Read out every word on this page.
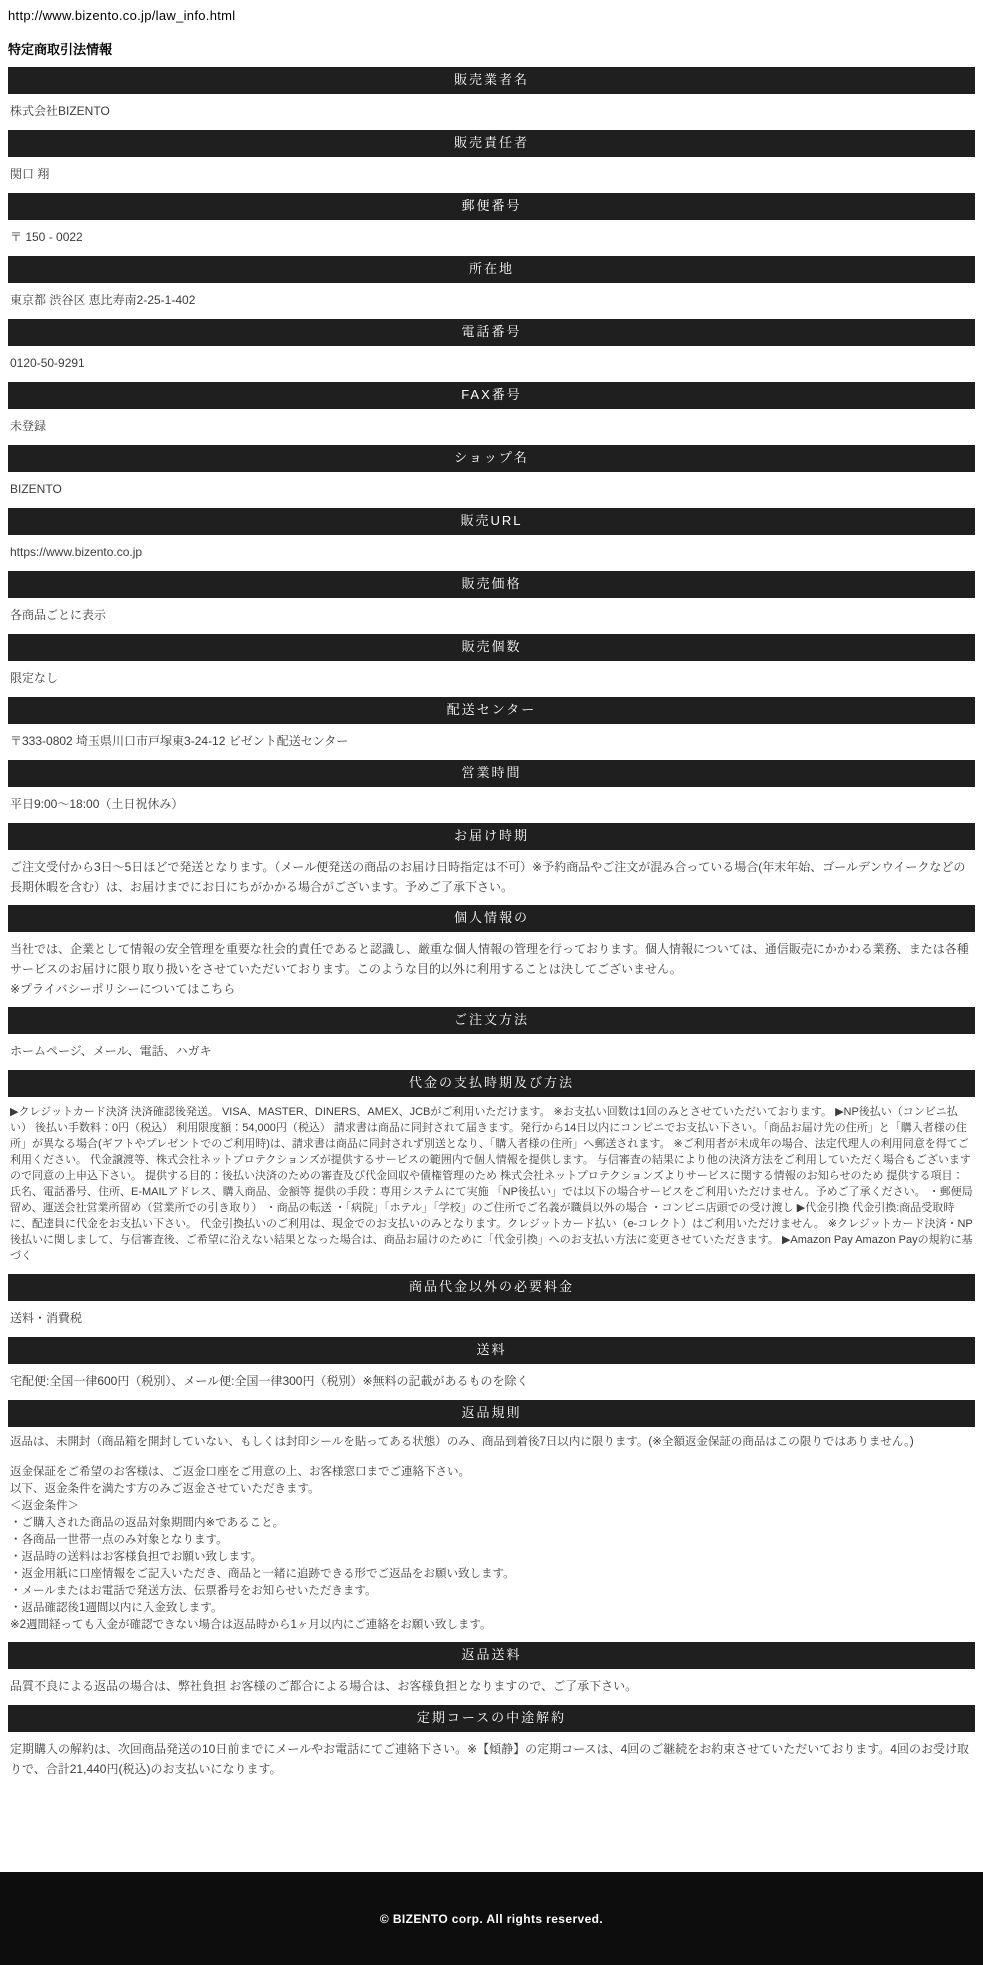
http://www.bizento.co.jp/law_info.html

特定商取引法情報
販売業者名

株式会社BIZENTO

販売責任者

関口 翔

郵便番号

〒 150 - 0022

所在地

東京都 渋谷区 恵比寿南2-25-1-402

電話番号

0120-50-9291

FAX番号

未登録

ショップ名

BIZENTO

販売URL

https://www.bizento.co.jp

販売価格

各商品ごとに表示

販売個数

限定なし

配送センター

〒333-0802 埼玉県川口市戸塚東3-24-12 ビゼント配送センター

営業時間

平日9:00〜18:00（土日祝休み）

お届け時期

ご注文受付から3日〜5日ほどで発送となります。（メール便発送の商品のお届け日時指定は不可）※予約商品やご注文が混み合っている場合(年末年始、ゴールデンウイークなどの長期休暇を含む）は、お届けまでにお日にちがかかる場合がございます。予めご了承下さい。

個人情報の

当社では、企業として情報の安全管理を重要な社会的責任であると認識し、厳重な個人情報の管理を行っております。個人情報については、通信販売にかかわる業務、または各種サービスのお届けに限り取り扱いをさせていただいております。このような目的以外に利用することは決してございません。

※プライバシーポリシーについてはこちら

ご注文方法

ホームページ、メール、電話、ハガキ

代金の支払時期及び方法

▶クレジットカード決済 決済確認後発送。 VISA、MASTER、DINERS、AMEX、JCBがご利用いただけます。 ※お支払い回数は1回のみとさせていただいております。 ▶NP後払い（コンビニ払い） 後払い手数料：0円（税込） 利用限度額：54,000円（税込） 請求書は商品に同封されて届きます。発行から14日以内にコンビニでお支払い下さい。「商品お届け先の住所」と「購入者様の住所」が異なる場合(ギフトやプレゼントでのご利用時)は、請求書は商品に同封されず別送となり、「購入者様の住所」へ郵送されます。 ※ご利用者が未成年の場合、法定代理人の利用同意を得てご利用ください。 代金譲渡等、株式会社ネットプロテクションズが提供するサービスの範囲内で個人情報を提供します。 与信審査の結果により他の決済方法をご利用していただく場合もございますので同意の上申込下さい。 提供する目的：後払い決済のための審査及び代金回収や債権管理のため 株式会社ネットプロテクションズよりサービスに関する情報のお知らせのため 提供する項目：氏名、電話番号、住所、E-MAILアドレス、購入商品、金額等 提供の手段：専用システムにて実施 「NP後払い」では以下の場合サービスをご利用いただけません。予めご了承ください。 ・郵便局留め、運送会社営業所留め（営業所での引き取り） ・商品の転送 ・「病院」「ホテル」「学校」のご住所でご名義が職員以外の場合 ・コンビニ店頭での受け渡し ▶代金引換 代金引換:商品受取時に、配達員に代金をお支払い下さい。 代金引換払いのご利用は、現金でのお支払いのみとなります。クレジットカード払い（e-コレクト）はご利用いただけません。 ※クレジットカード決済・NP後払いに関しまして、与信審査後、ご希望に沿えない結果となった場合は、商品お届けのために「代金引換」へのお支払い方法に変更させていただきます。 ▶Amazon Pay Amazon Payの規約に基づく

商品代金以外の必要料金

送料・消費税

送料

宅配便:全国一律600円（税別）、メール便:全国一律300円（税別）※無料の記載があるものを除く

返品規則

返品は、未開封（商品箱を開封していない、もしくは封印シールを貼ってある状態）のみ、商品到着後7日以内に限ります。(※全額返金保証の商品はこの限りではありません。)

返金保証をご希望のお客様は、ご返金口座をご用意の上、お客様窓口までご連絡下さい。

以下、返金条件を満たす方のみご返金させていただきます。

＜返金条件＞

・ご購入された商品の返品対象期間内※であること。

・各商品一世帯一点のみ対象となります。

・返品時の送料はお客様負担でお願い致します。

・返金用紙に口座情報をご記入いただき、商品と一緒に追跡できる形でご返品をお願い致します。

・メールまたはお電話で発送方法、伝票番号をお知らせいただきます。

・返品確認後1週間以内に入金致します。

※2週間経っても入金が確認できない場合は返品時から1ヶ月以内にご連絡をお願い致します。

返品送料

品質不良による返品の場合は、弊社負担 お客様のご都合による場合は、お客様負担となりますので、ご了承下さい。

定期コースの中途解約

定期購入の解約は、次回商品発送の10日前までにメールやお電話にてご連絡下さい。※【傾静】の定期コースは、4回のご継続をお約束させていただいております。4回のお受け取りで、合計21,440円(税込)のお支払いになります。

© BIZENTO corp. All rights reserved.
